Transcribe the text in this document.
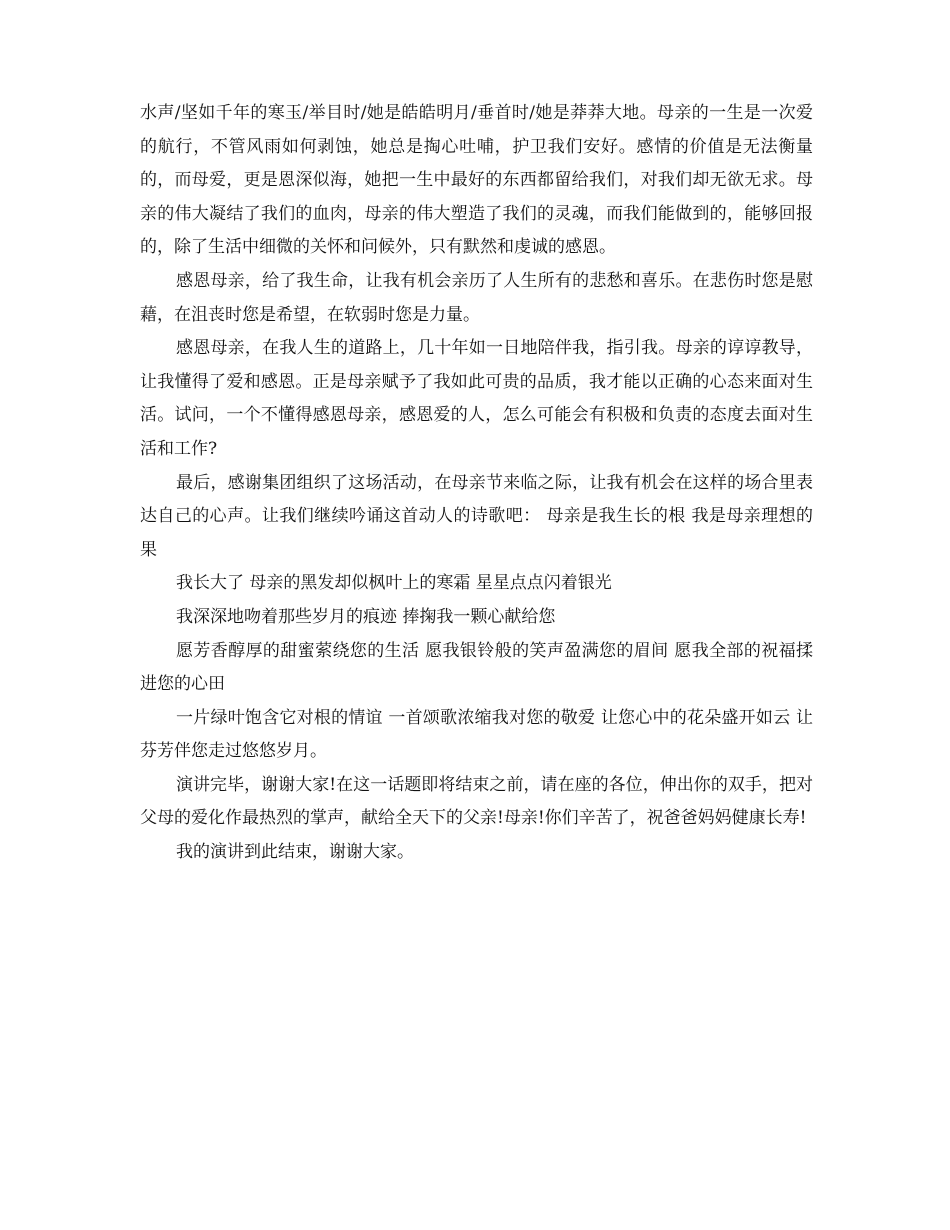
水声/坚如千年的寒玉/举目时/她是皓皓明月/垂首时/她是莽莽大地。母亲的一生是一次爱的航行，不管风雨如何剥蚀，她总是掏心吐哺，护卫我们安好。感情的价值是无法衡量的，而母爱，更是恩深似海，她把一生中最好的东西都留给我们，对我们却无欲无求。母亲的伟大凝结了我们的血肉，母亲的伟大塑造了我们的灵魂，而我们能做到的，能够回报的，除了生活中细微的关怀和问候外，只有默然和虔诚的感恩。

感恩母亲，给了我生命，让我有机会亲历了人生所有的悲愁和喜乐。在悲伤时您是慰藉，在沮丧时您是希望，在软弱时您是力量。

感恩母亲，在我人生的道路上，几十年如一日地陪伴我，指引我。母亲的谆谆教导，让我懂得了爱和感恩。正是母亲赋予了我如此可贵的品质，我才能以正确的心态来面对生活。试问，一个不懂得感恩母亲，感恩爱的人，怎么可能会有积极和负责的态度去面对生活和工作?

最后，感谢集团组织了这场活动，在母亲节来临之际，让我有机会在这样的场合里表达自己的心声。让我们继续吟诵这首动人的诗歌吧： 母亲是我生长的根 我是母亲理想的果

我长大了 母亲的黑发却似枫叶上的寒霜 星星点点闪着银光

我深深地吻着那些岁月的痕迹 捧掬我一颗心献给您

愿芳香醇厚的甜蜜萦绕您的生活 愿我银铃般的笑声盈满您的眉间 愿我全部的祝福揉进您的心田

一片绿叶饱含它对根的情谊 一首颂歌浓缩我对您的敬爱 让您心中的花朵盛开如云 让芬芳伴您走过悠悠岁月。

演讲完毕，谢谢大家!在这一话题即将结束之前，请在座的各位，伸出你的双手，把对父母的爱化作最热烈的掌声，献给全天下的父亲!母亲!你们辛苦了，祝爸爸妈妈健康长寿!

我的演讲到此结束，谢谢大家。
